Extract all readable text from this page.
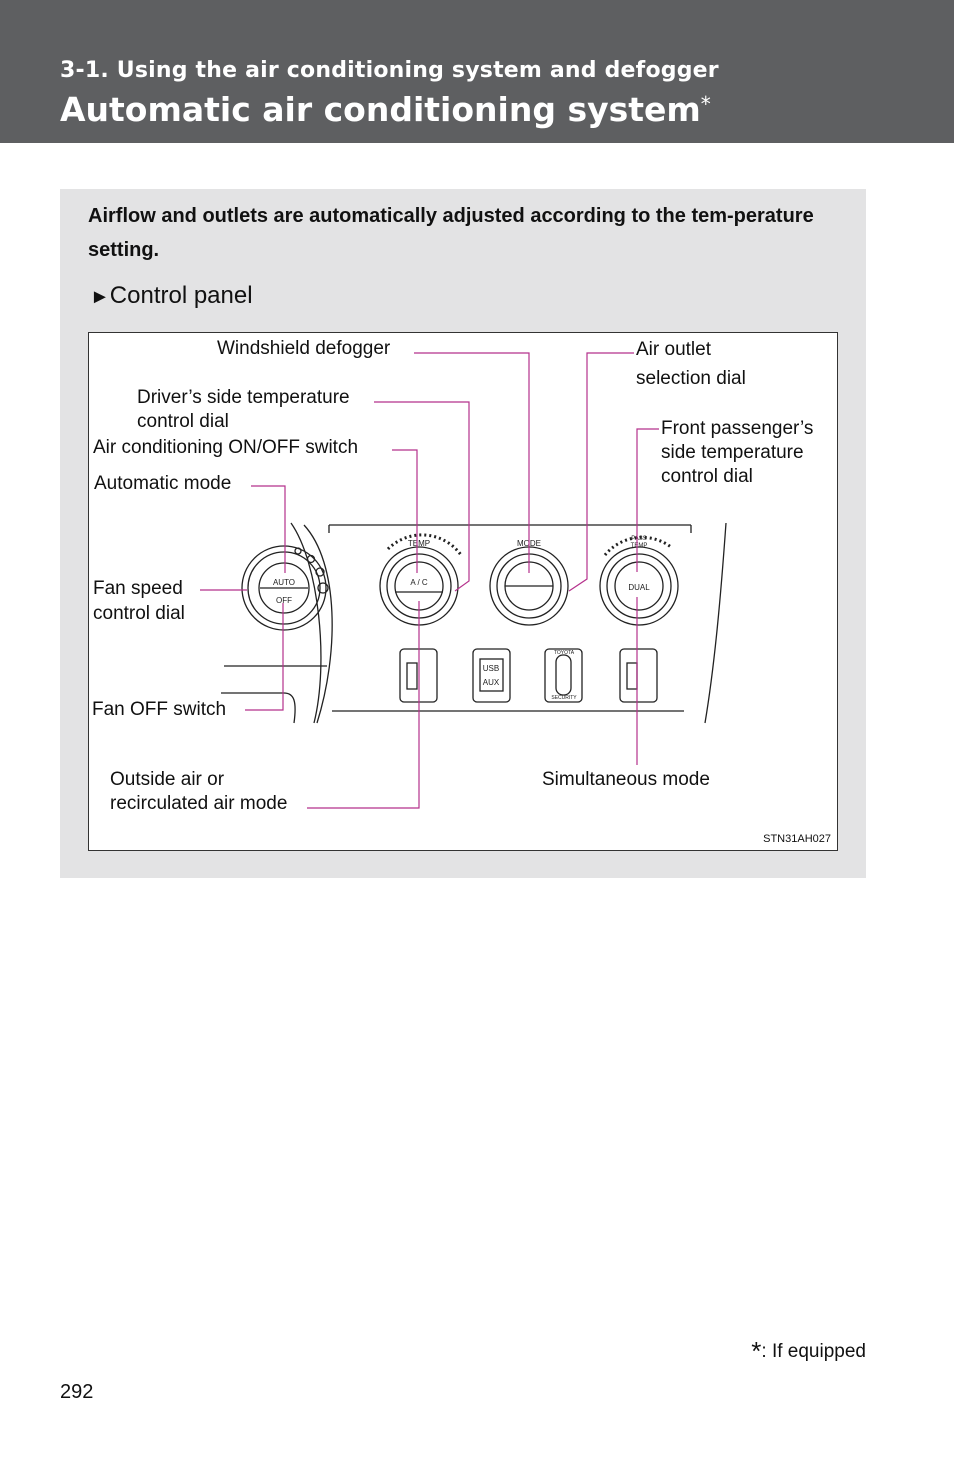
3-1. Using the air conditioning system and defogger
Automatic air conditioning system*
Airflow and outlets are automatically adjusted according to the tem-perature setting.
►Control panel
AUTO
OFF
TEMP
A / C
MODE	PASS
TEMP
DUAL
USB
AUX
TOYOTA
SECURITY
Windshield defogger	Air outlet
selection dial
Driver’s side temperature
control dial
Air conditioning ON/OFF switch
Front passenger’s
side temperature
control dial
Automatic mode
Fan speed
control dial
Fan OFF switch
Outside air or
recirculated air mode
Simultaneous mode
STN31AH027
*: If equipped
292
